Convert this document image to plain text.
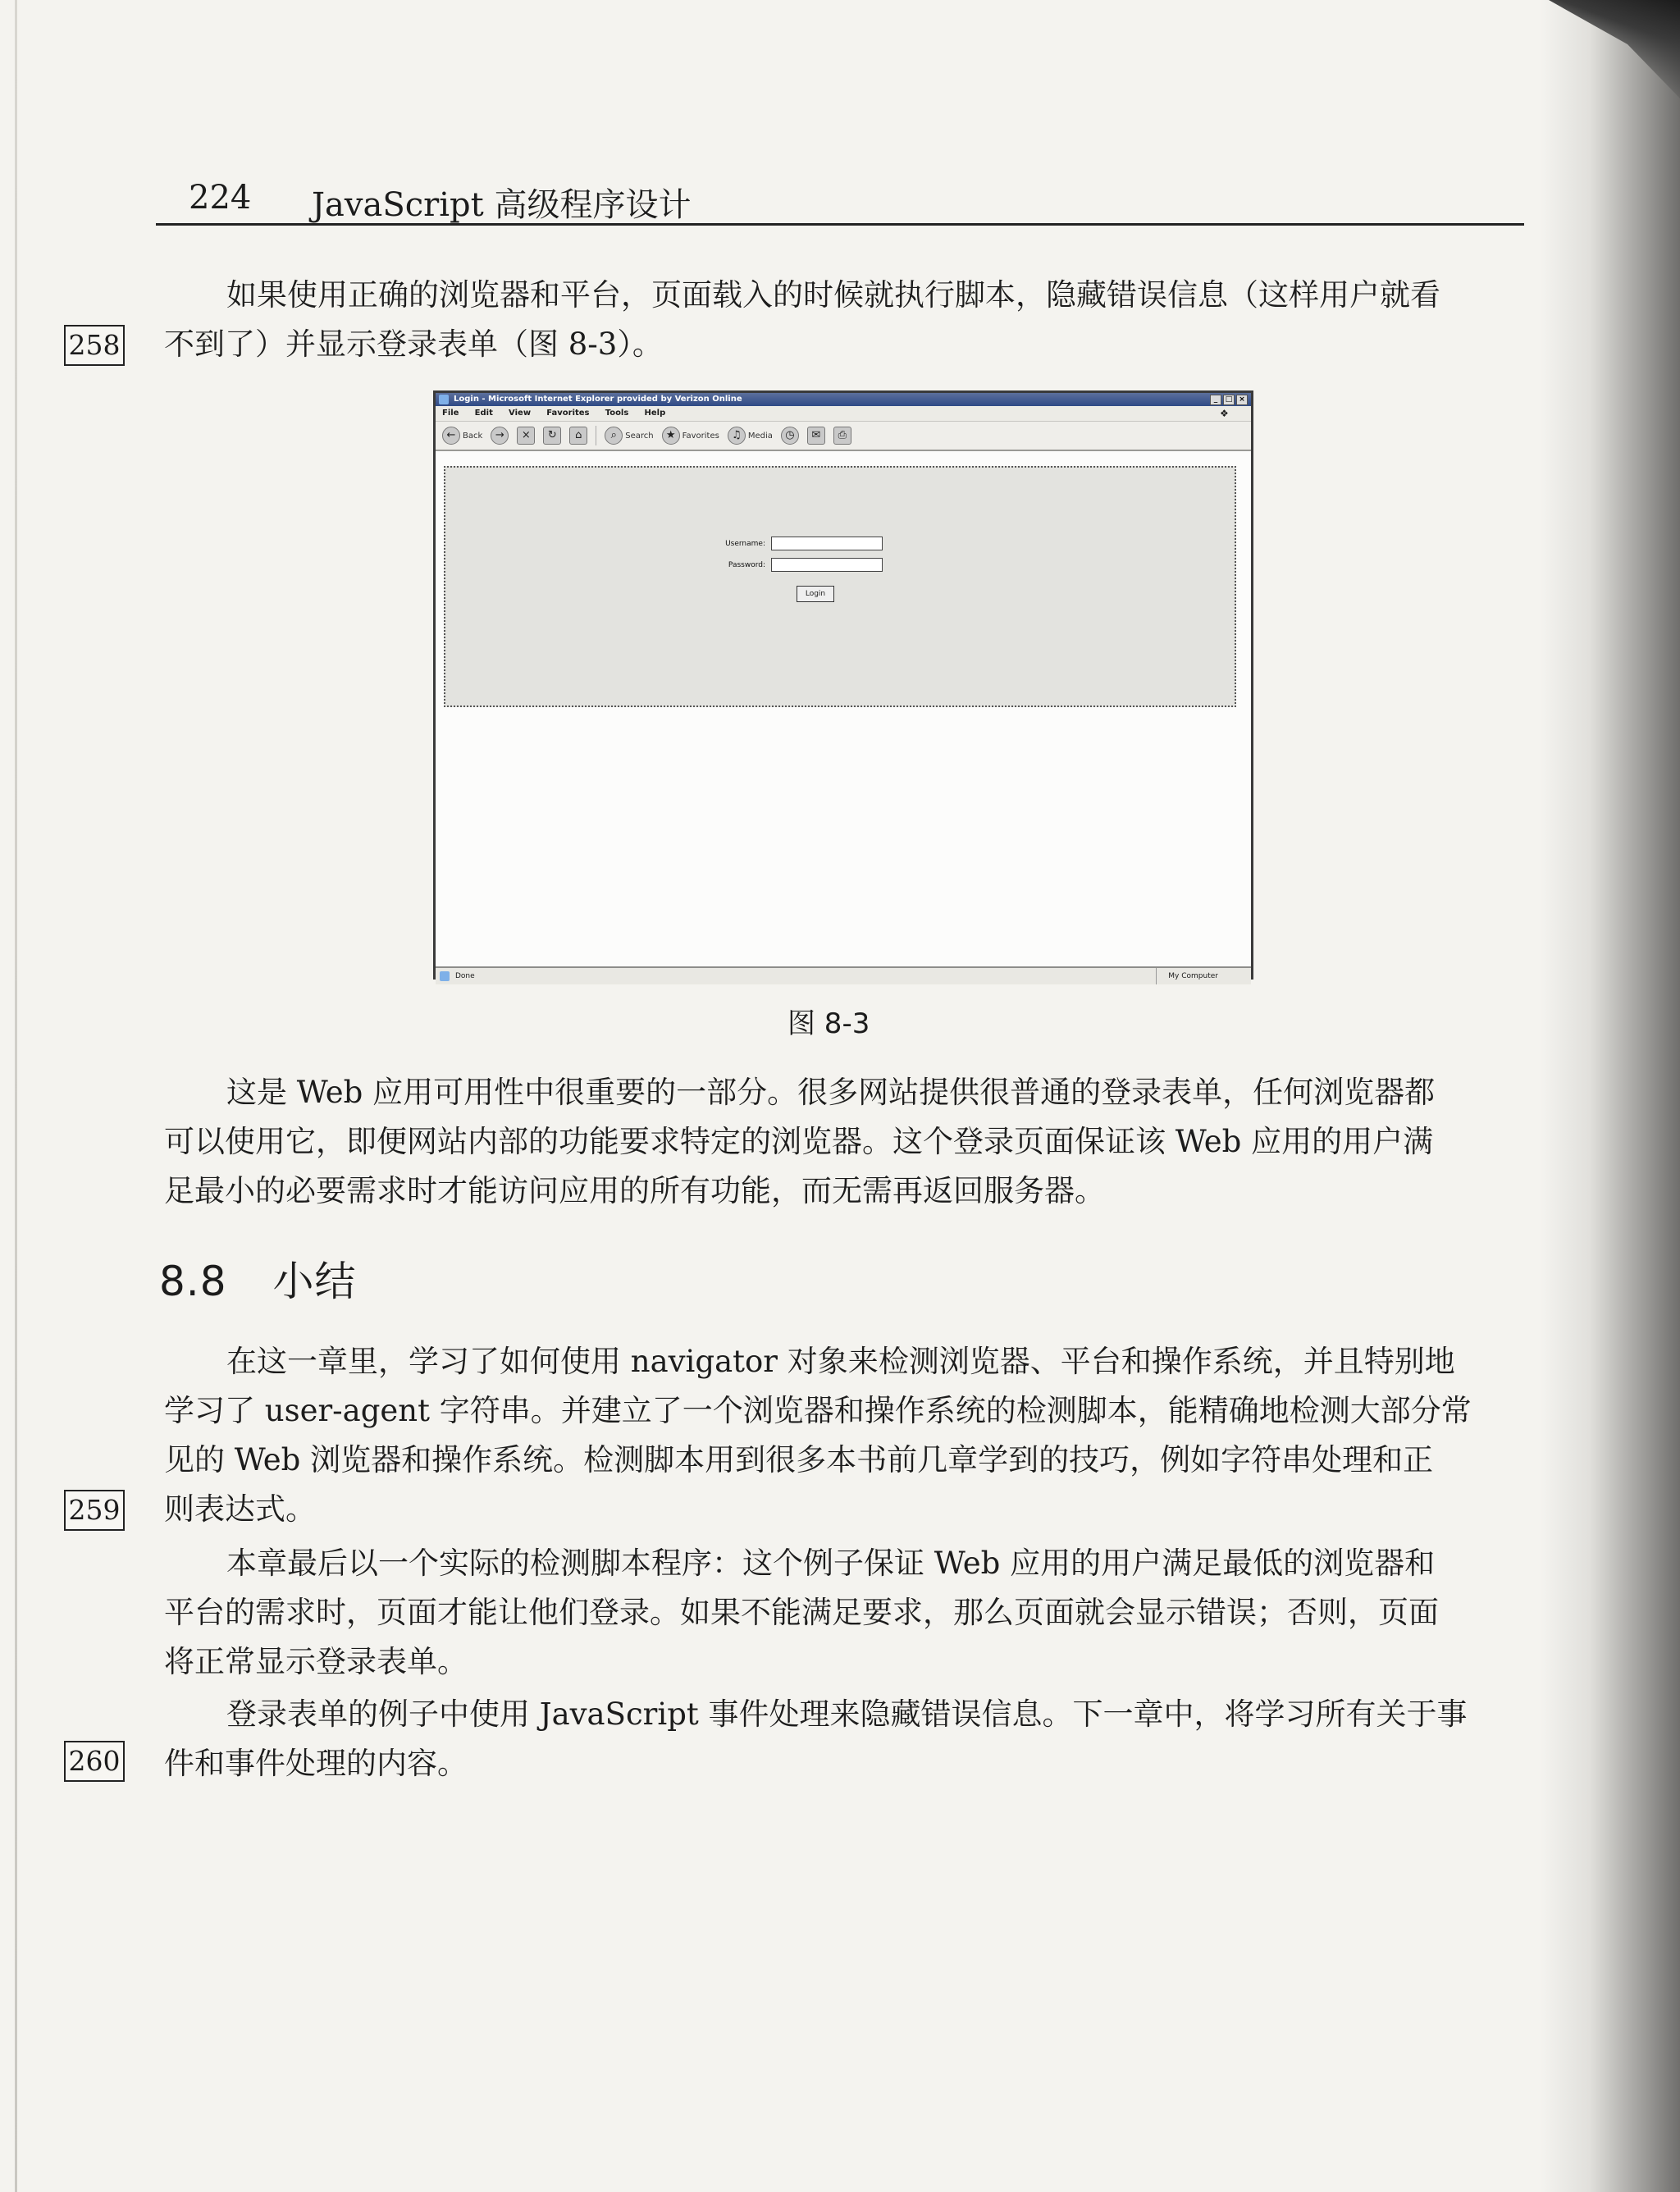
224 JavaScript 高级程序设计
如果使用正确的浏览器和平台，页面载入的时候就执行脚本，隐藏错误信息（这样用户就看
不到了）并显示登录表单（图 8-3）。
258
Login - Microsoft Internet Explorer provided by Verizon Online	_	□ ×
File Edit View Favorites Tools Help	❖
← Back	→	×	↻	⌂	⌕	Search	★ Favorites	♫ Media	◷	✉	⎙
Username:
Password:
Login
Done	My Computer
图 8-3
这是 Web 应用可用性中很重要的一部分。很多网站提供很普通的登录表单，任何浏览器都
可以使用它，即便网站内部的功能要求特定的浏览器。这个登录页面保证该 Web 应用的用户满
足最小的必要需求时才能访问应用的所有功能，而无需再返回服务器。
8.8 小结
在这一章里，学习了如何使用 navigator 对象来检测浏览器、平台和操作系统，并且特别地
学习了 user-agent 字符串。并建立了一个浏览器和操作系统的检测脚本，能精确地检测大部分常
见的 Web 浏览器和操作系统。检测脚本用到很多本书前几章学到的技巧，例如字符串处理和正
则表达式。
259
本章最后以一个实际的检测脚本程序：这个例子保证 Web 应用的用户满足最低的浏览器和
平台的需求时，页面才能让他们登录。如果不能满足要求，那么页面就会显示错误；否则，页面
将正常显示登录表单。
登录表单的例子中使用 JavaScript 事件处理来隐藏错误信息。下一章中，将学习所有关于事
件和事件处理的内容。
260
